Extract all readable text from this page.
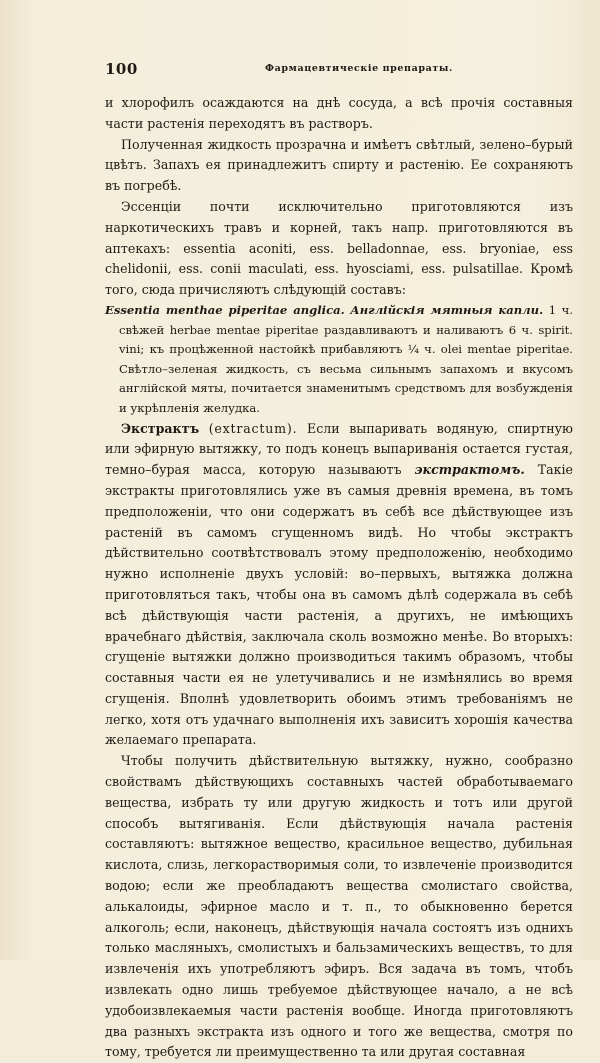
100	Фармацевтическіе препараты.

и хлорофилъ осаждаются на днѣ сосуда, а всѣ прочія составныя части растенія переходятъ въ растворъ.

Полученная жидкость прозрачна и имѣетъ свѣтлый, зелено–бурый цвѣтъ. Запахъ ея принадлежитъ спирту и растенію. Ее сохраняютъ въ погребѣ.

Эссенціи почти исключительно приготовляются изъ наркотическихъ травъ и корней, такъ напр. приготовляются въ аптекахъ: essentia aconiti, ess. belladonnae, ess. bryoniae, ess chelidonii, ess. conii maculati, ess. hyosciami, ess. pulsatillae. Кромѣ того, сюда причисляютъ слѣдующій составъ:

Essentia menthae piperitae anglica. Англійскія мятныя капли. 1 ч. свѣжей herbae mentae piperitae раздавливаютъ и наливаютъ 6 ч. spirit. vini; къ процѣженной настойкѣ прибавляютъ ¼ ч. olei mentae piperitae. Свѣтло–зеленая жидкость, съ весьма сильнымъ запахомъ и вкусомъ англійской мяты, почитается знаменитымъ средствомъ для возбужденія и укрѣпленія желудка.

Экстрактъ (extractum). Если выпаривать водяную, спиртную или эфирную вытяжку, то подъ конецъ выпариванія остается густая, темно–бурая масса, которую называютъ экстрактомъ. Такіе экстракты приготовлялись уже въ самыя древнія времена, въ томъ предположеніи, что они содержатъ въ себѣ все дѣйствующее изъ растеній въ самомъ сгущенномъ видѣ. Но чтобы экстрактъ дѣйствительно соотвѣтствовалъ этому предположенію, необходимо нужно исполненіе двухъ условій: во–первыхъ, вытяжка должна приготовляться такъ, чтобы она въ самомъ дѣлѣ содержала въ себѣ всѣ дѣйствующія части растенія, а другихъ, не имѣющихъ врачебнаго дѣйствія, заключала сколь возможно менѣе. Во вторыхъ: сгущеніе вытяжки должно производиться такимъ образомъ, чтобы составныя части ея не улетучивались и не измѣнялись во время сгущенія. Вполнѣ удовлетворить обоимъ этимъ требованіямъ не легко, хотя отъ удачнаго выполненія ихъ зависитъ хорошія качества желаемаго препарата.

Чтобы получить дѣйствительную вытяжку, нужно, сообразно свойствамъ дѣйствующихъ составныхъ частей обработываемаго вещества, избрать ту или другую жидкость и тотъ или другой способъ вытягиванія. Если дѣйствующія начала растенія составляютъ: вытяжное вещество, красильное вещество, дубильная кислота, слизь, легкорастворимыя соли, то извлеченіе производится водою; если же преобладаютъ вещества смолистаго свойства, алькалоиды, эфирное масло и т. п., то обыкновенно берется алкоголь; если, наконецъ, дѣйствующія начала состоятъ изъ однихъ только масляныхъ, смолистыхъ и бальзамическихъ веществъ, то для извлеченія ихъ употребляютъ эфиръ. Вся задача въ томъ, чтобъ извлекать одно лишь требуемое дѣйствующее начало, а не всѣ удобоизвлекаемыя части растенія вообще. Иногда приготовляютъ два разныхъ экстракта изъ одного и того же вещества, смотря по тому, требуется ли преимущественно та или другая составная
